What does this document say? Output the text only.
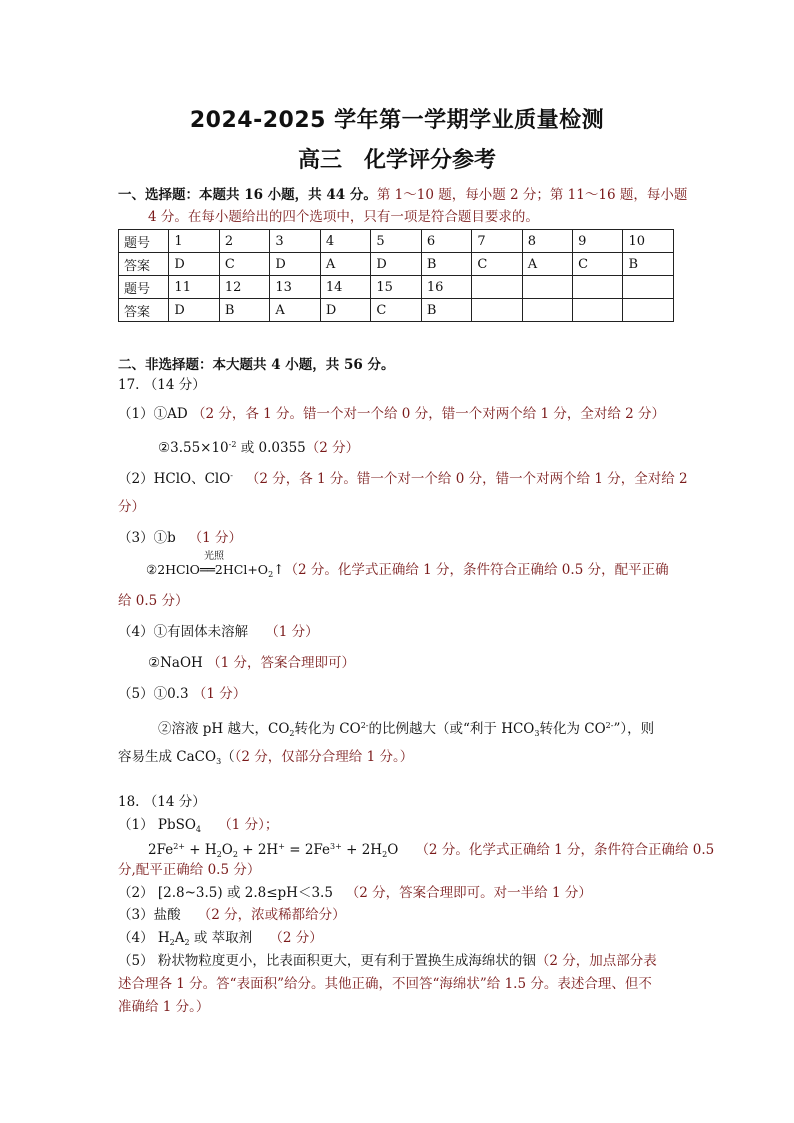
2024-2025 学年第一学期学业质量检测
高三　化学评分参考
一、选择题：本题共 16 小题，共 44 分。第 1～10 题，每小题 2 分；第 11～16 题，每小题
4 分。在每小题给出的四个选项中，只有一项是符合题目要求的。
题号	1	2	3	4	5	6	7	8	9	10
答案	D	C	D	A	D	B	C	A	C	B
题号	11	12	13	14	15	16				
答案	D	B	A	D	C	B				
二、非选择题：本大题共 4 小题，共 56 分。
17. （14 分）
（1）①AD （2 分，各 1 分。错一个对一个给 0 分，错一个对两个给 1 分，全对给 2 分）
$②3.55\times 10^{-2}$ 或 0.0355（2 分）
（2）HClO、ClO- （2 分，各 1 分。错一个对一个给 0 分，错一个对两个给 1 分，全对给 2
分）
（3）①b   （1 分）
光照
$②2HClO══2HCl+O_2↑(2$ 分。化学式正确给 1 分，条件符合正确给 0.5 分，配平正确
给 0.5 分）
（4）①有固体未溶解 （1 分）
②NaOH （1 分，答案合理即可）
（5）①0.3 （1 分）
②溶液 pH 越大，$CO_2$转化为 $CO^{2-}$的比例越大（或“利于 $HCO_3$转化为 $CO^{2-}$”），则
容易生成 CaCO$_3$（（2 分，仅部分合理给 1 分。）
18. （14 分）
（1） PbSO$_4$ （1 分）；
$2Fe^{2+} + H_2O_2 + 2H^+ = 2Fe^{3+} + 2H_2O$ （2 分。化学式正确给 1 分，条件符合正确给 0.5
分,配平正确给 0.5 分）
（2） [2.8~3.5) 或 2.8≤pH＜3.5 （2 分，答案合理即可。对一半给 1 分）
（3）盐酸 （2 分，浓或稀都给分）
（4） $H_2A_2$ 或 萃取剂 （2 分）
（5） 粉状物粒度更小，比表面积更大，更有利于置换生成海绵状的铟（2 分，加点部分表
述合理各 1 分。答“表面积”给分。其他正确，不回答“海绵状”给 1.5 分。表述合理、但不
准确给 1 分。）
